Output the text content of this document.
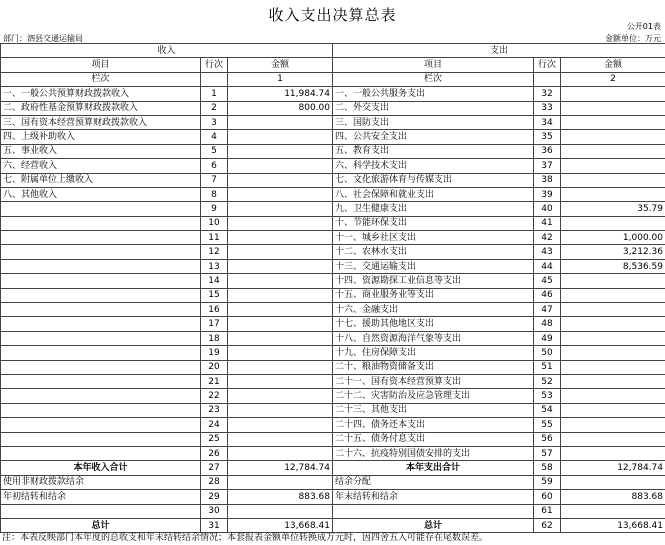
收入支出决算总表
公开01表
部门：泗县交通运输局	金额单位：万元
收入			支出		
项目	行次	金额	项目	行次	金额
栏次		1	栏次		2
一、一般公共预算财政拨款收入	1	11,984.74	一、一般公共服务支出	32	
二、政府性基金预算财政拨款收入	2	800.00	二、外交支出	33	
三、国有资本经营预算财政拨款收入	3		三、国防支出	34	
四、上级补助收入	4		四、公共安全支出	35	
五、事业收入	5		五、教育支出	36	
六、经营收入	6		六、科学技术支出	37	
七、附属单位上缴收入	7		七、文化旅游体育与传媒支出	38	
八、其他收入	8		八、社会保障和就业支出	39	
	9		九、卫生健康支出	40	35.79
	10		十、节能环保支出	41	
	11		十一、城乡社区支出	42	1,000.00
	12		十二、农林水支出	43	3,212.36
	13		十三、交通运输支出	44	8,536.59
	14		十四、资源勘探工业信息等支出	45	
	15		十五、商业服务业等支出	46	
	16		十六、金融支出	47	
	17		十七、援助其他地区支出	48	
	18		十八、自然资源海洋气象等支出	49	
	19		十九、住房保障支出	50	
	20		二十、粮油物资储备支出	51	
	21		二十一、国有资本经营预算支出	52	
	22		二十二、灾害防治及应急管理支出	53	
	23		二十三、其他支出	54	
	24		二十四、债务还本支出	55	
	25		二十五、债务付息支出	56	
	26		二十六、抗疫特别国债安排的支出	57	
本年收入合计	27	12,784.74	本年支出合计	58	12,784.74
使用非财政拨款结余	28		结余分配	59	
年初结转和结余	29	883.68	年末结转和结余	60	883.68
	30			61	
总计	31	13,668.41	总计	62	13,668.41
注：本表反映部门本年度的总收支和年末结转结余情况；本套报表金额单位转换成万元时，因四舍五入可能存在尾数误差。
